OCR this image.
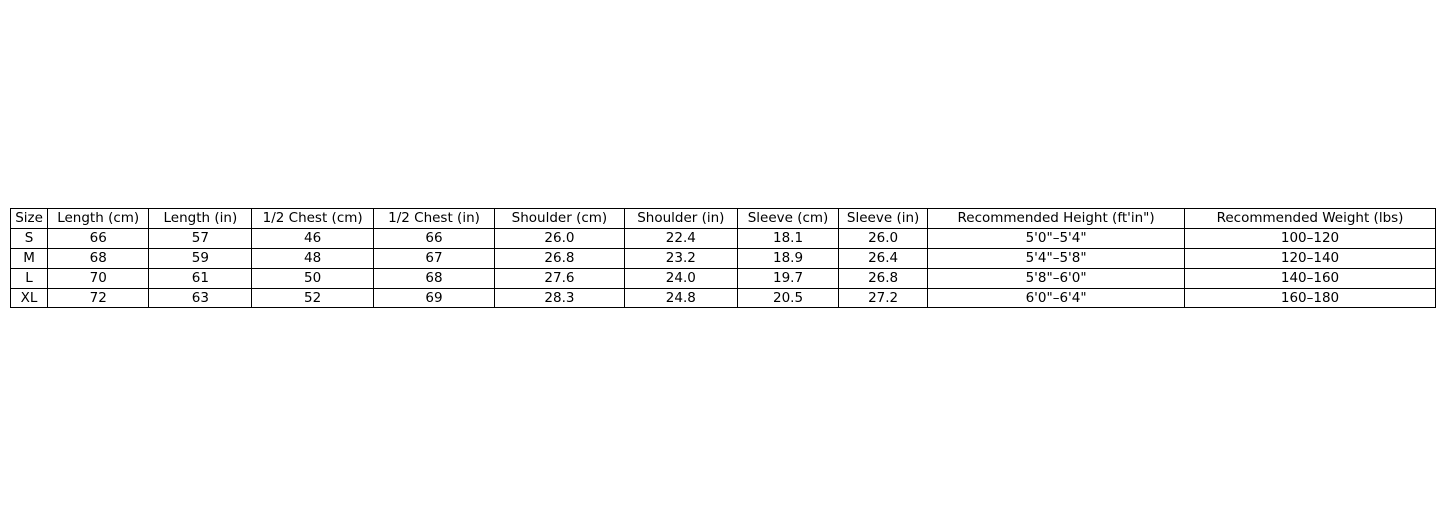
Size	Length (cm)	Length (in)	1/2 Chest (cm)	1/2 Chest (in)	Shoulder (cm)	Shoulder (in)	Sleeve (cm)	Sleeve (in)	Recommended Height (ft'in")	Recommended Weight (lbs)
S	66	57	46	66	26.0	22.4	18.1	26.0	5'0"–5'4"	100–120
M	68	59	48	67	26.8	23.2	18.9	26.4	5'4"–5'8"	120–140
L	70	61	50	68	27.6	24.0	19.7	26.8	5'8"–6'0"	140–160
XL	72	63	52	69	28.3	24.8	20.5	27.2	6'0"–6'4"	160–180
